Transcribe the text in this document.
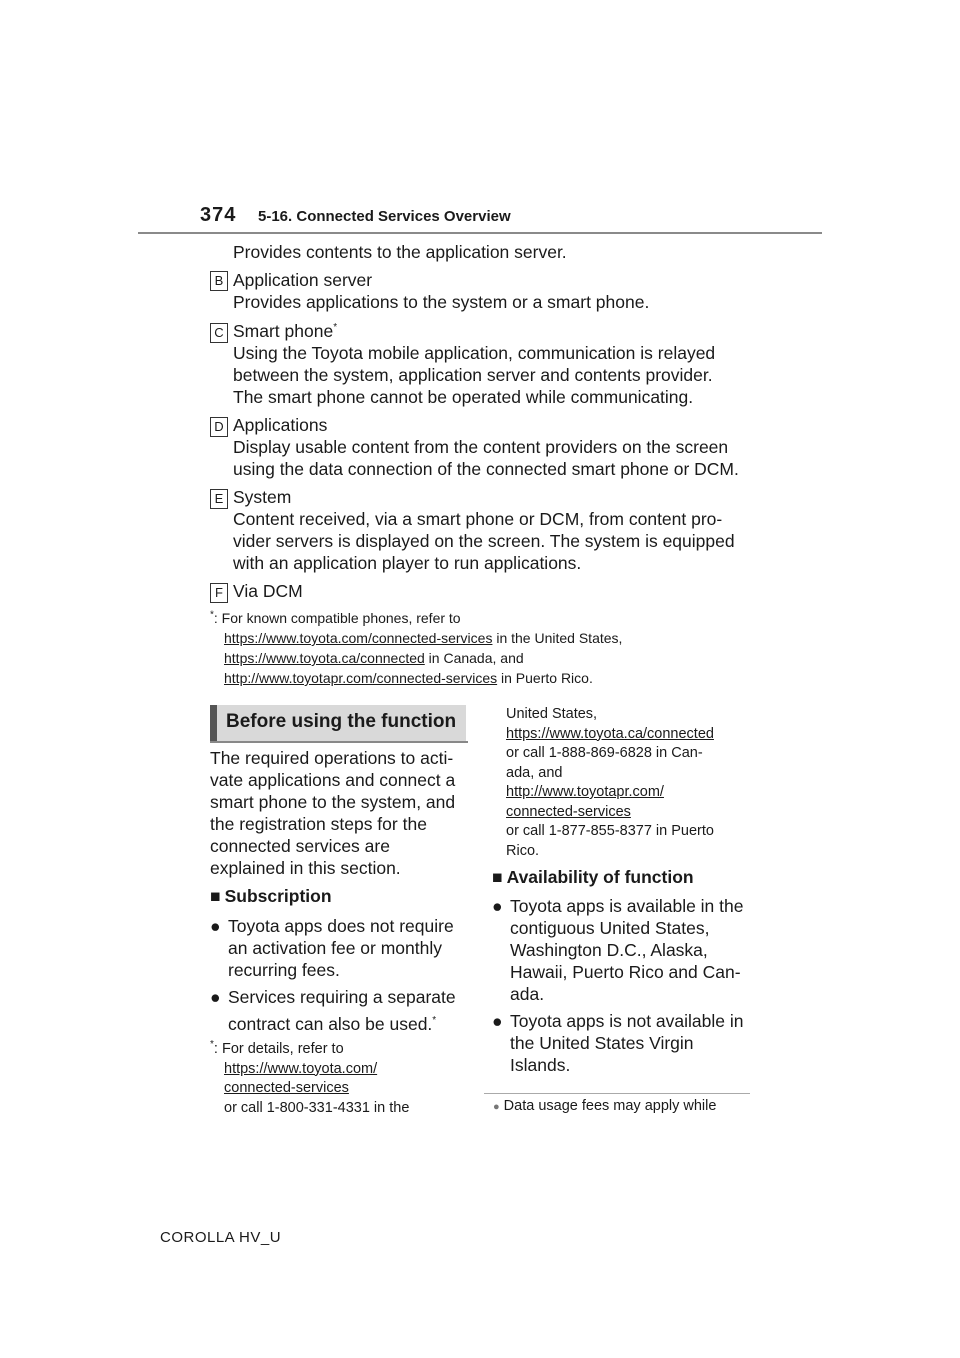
374 5-16. Connected Services Overview
Provides contents to the application server.
B Application server
Provides applications to the system or a smart phone.
C Smart phone*
Using the Toyota mobile application, communication is relayed
between the system, application server and contents provider.
The smart phone cannot be operated while communicating.
D Applications
Display usable content from the content providers on the screen
using the data connection of the connected smart phone or DCM.
E System
Content received, via a smart phone or DCM, from content pro-
vider servers is displayed on the screen. The system is equipped
with an application player to run applications.
F Via DCM
*: For known compatible phones, refer to
https://www.toyota.com/connected-services in the United States,
https://www.toyota.ca/connected in Canada, and
http://www.toyotapr.com/connected-services in Puerto Rico.
Before using the function
The required operations to acti-
vate applications and connect a
smart phone to the system, and
the registration steps for the
connected services are
explained in this section.
■ Subscription
● Toyota apps does not require
an activation fee or monthly
recurring fees.
● Services requiring a separate
contract can also be used.*
*: For details, refer to
https://www.toyota.com/
connected-services
or call 1-800-331-4331 in the
United States,
https://www.toyota.ca/connected
or call 1-888-869-6828 in Can-
ada, and
http://www.toyotapr.com/
connected-services
or call 1-877-855-8377 in Puerto
Rico.
■ Availability of function
● Toyota apps is available in the
contiguous United States,
Washington D.C., Alaska,
Hawaii, Puerto Rico and Can-
ada.
● Toyota apps is not available in
the United States Virgin
Islands.
● Data usage fees may apply while
COROLLA HV_U
